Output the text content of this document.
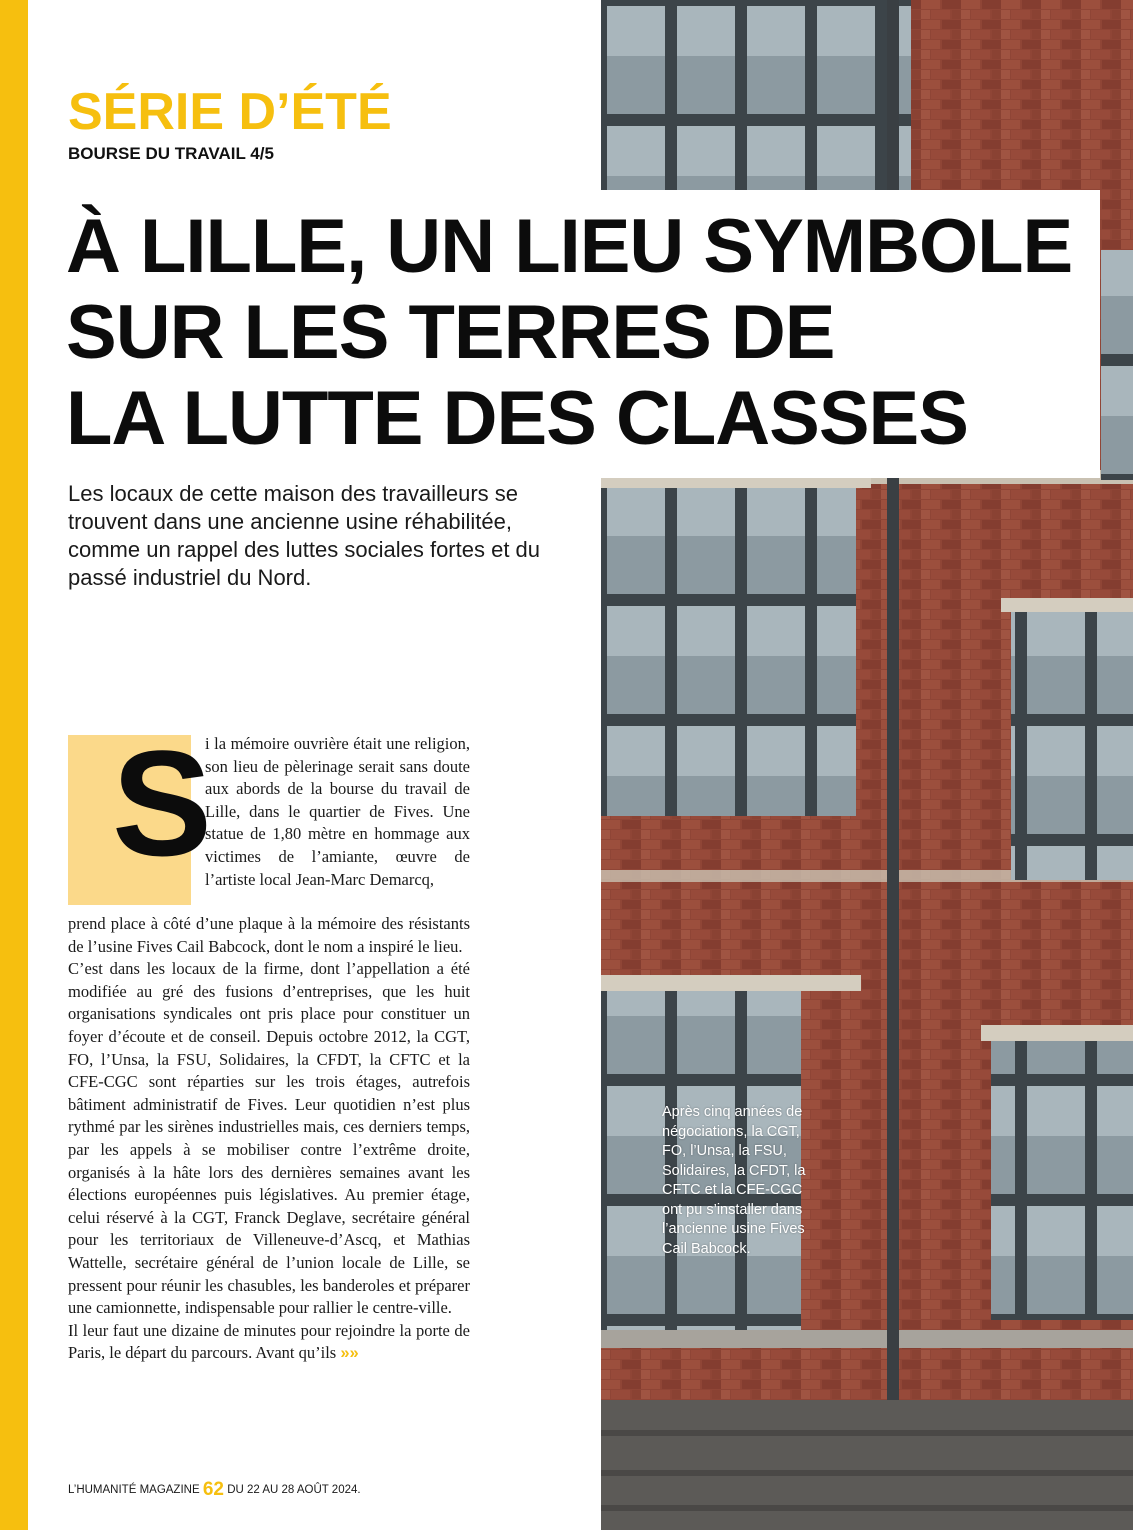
SÉRIE D’ÉTÉ

BOURSE DU TRAVAIL 4/5

À LILLE, UN LIEU SYMBOLE
SUR LES TERRES DE
LA LUTTE DES CLASSES

Les locaux de cette maison des travailleurs se trouvent dans une ancienne usine réhabilitée, comme un rappel des luttes sociales fortes et du passé industriel du Nord.

S

i la mémoire ouvrière était une religion, son lieu de pèlerinage serait sans doute aux abords de la bourse du travail de Lille, dans le quartier de Fives. Une statue de 1,80 mètre en hommage aux victimes de l’amiante, œuvre de l’artiste local Jean-Marc Demarcq,

prend place à côté d’une plaque à la mémoire des résistants de l’usine Fives Cail Babcock, dont le nom a inspiré le lieu.

C’est dans les locaux de la firme, dont l’appellation a été modifiée au gré des fusions d’entreprises, que les huit organisations syndicales ont pris place pour constituer un foyer d’écoute et de conseil. Depuis octobre 2012, la CGT, FO, l’Unsa, la FSU, Solidaires, la CFDT, la CFTC et la CFE-CGC sont réparties sur les trois étages, autrefois bâtiment administratif de Fives. Leur quotidien n’est plus rythmé par les sirènes industrielles mais, ces derniers temps, par les appels à se mobiliser contre l’extrême droite, organisés à la hâte lors des dernières semaines avant les élections européennes puis législatives. Au premier étage, celui réservé à la CGT, Franck Deglave, secrétaire général pour les territoriaux de Villeneuve-d’Ascq, et Mathias Wattelle, secrétaire général de l’union locale de Lille, se pressent pour réunir les chasubles, les banderoles et préparer une camionnette, indispensable pour rallier le centre-ville.

Il leur faut une dizaine de minutes pour rejoindre la porte de Paris, le départ du parcours. Avant qu’ils »»

Après cinq années de négociations, la CGT, FO, l’Unsa, la FSU, Solidaires, la CFDT, la CFTC et la CFE-CGC ont pu s’installer dans l’ancienne usine Fives Cail Babcock.

L’HUMANITÉ MAGAZINE 62 DU 22 AU 28 AOÛT 2024.
